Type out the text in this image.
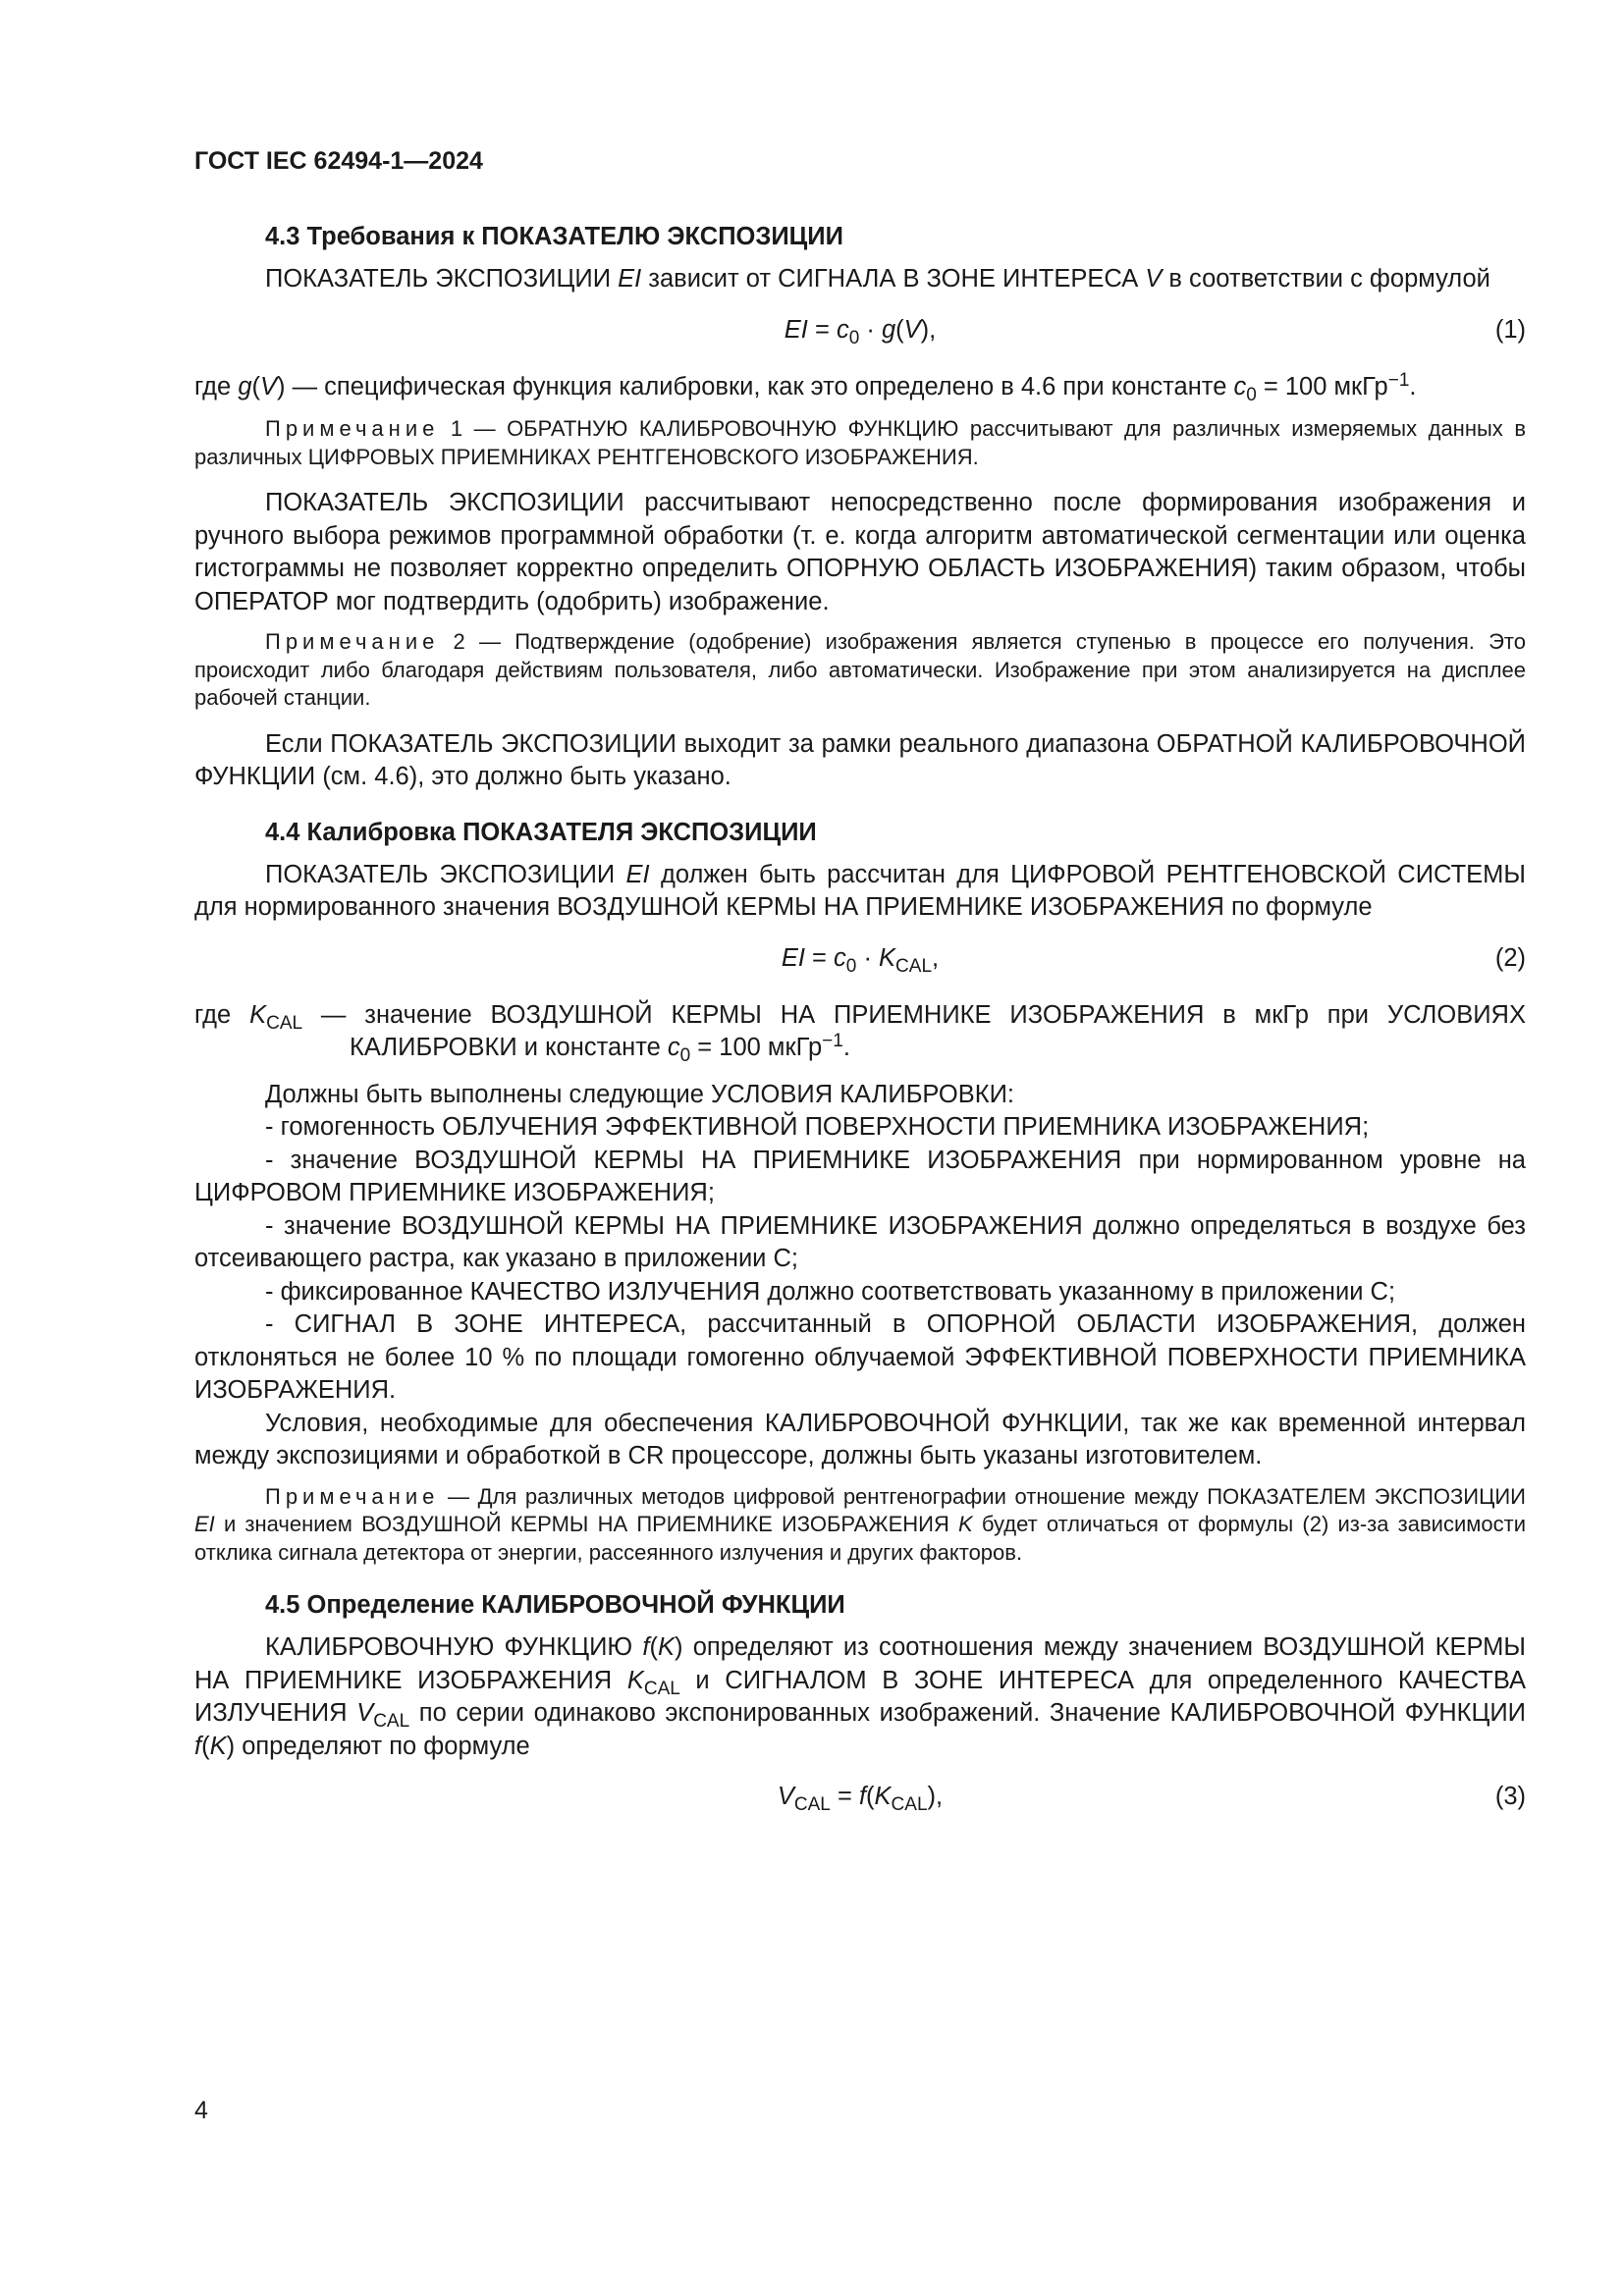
ГОСТ IEC 62494-1—2024

4.3 Требования к ПОКАЗАТЕЛЮ ЭКСПОЗИЦИИ

ПОКАЗАТЕЛЬ ЭКСПОЗИЦИИ EI зависит от СИГНАЛА В ЗОНЕ ИНТЕРЕСА V в соответствии с формулой

EI = $c_0 \cdot g(V)$,	(1)

где g(V) — специфическая функция калибровки, как это определено в 4.6 при константе $c_0 = 100$ мкГр$^{-1}$.

Примечание 1 — ОБРАТНУЮ КАЛИБРОВОЧНУЮ ФУНКЦИЮ рассчитывают для различных измеряемых данных в различных ЦИФРОВЫХ ПРИЕМНИКАХ РЕНТГЕНОВСКОГО ИЗОБРАЖЕНИЯ.

ПОКАЗАТЕЛЬ ЭКСПОЗИЦИИ рассчитывают непосредственно после формирования изображения и ручного выбора режимов программной обработки (т. е. когда алгоритм автоматической сегментации или оценка гистограммы не позволяет корректно определить ОПОРНУЮ ОБЛАСТЬ ИЗОБРАЖЕНИЯ) таким образом, чтобы ОПЕРАТОР мог подтвердить (одобрить) изображение.

Примечание 2 — Подтверждение (одобрение) изображения является ступенью в процессе его получения. Это происходит либо благодаря действиям пользователя, либо автоматически. Изображение при этом анализируется на дисплее рабочей станции.

Если ПОКАЗАТЕЛЬ ЭКСПОЗИЦИИ выходит за рамки реального диапазона ОБРАТНОЙ КАЛИБРОВОЧНОЙ ФУНКЦИИ (см. 4.6), это должно быть указано.

4.4 Калибровка ПОКАЗАТЕЛЯ ЭКСПОЗИЦИИ

ПОКАЗАТЕЛЬ ЭКСПОЗИЦИИ EI должен быть рассчитан для ЦИФРОВОЙ РЕНТГЕНОВСКОЙ СИСТЕМЫ для нормированного значения ВОЗДУШНОЙ КЕРМЫ НА ПРИЕМНИКЕ ИЗОБРАЖЕНИЯ по формуле

EI = $c_0 \cdot K_{CAL}$,	(2)

где $K_{CAL}$ — значение ВОЗДУШНОЙ КЕРМЫ НА ПРИЕМНИКЕ ИЗОБРАЖЕНИЯ в мкГр при УСЛОВИЯХ КАЛИБРОВКИ и константе $c_0 = 100$ мкГр$^{-1}$.

Должны быть выполнены следующие УСЛОВИЯ КАЛИБРОВКИ:

- гомогенность ОБЛУЧЕНИЯ ЭФФЕКТИВНОЙ ПОВЕРХНОСТИ ПРИЕМНИКА ИЗОБРАЖЕНИЯ;

- значение ВОЗДУШНОЙ КЕРМЫ НА ПРИЕМНИКЕ ИЗОБРАЖЕНИЯ при нормированном уровне на ЦИФРОВОМ ПРИЕМНИКЕ ИЗОБРАЖЕНИЯ;

- значение ВОЗДУШНОЙ КЕРМЫ НА ПРИЕМНИКЕ ИЗОБРАЖЕНИЯ должно определяться в воздухе без отсеивающего растра, как указано в приложении С;

- фиксированное КАЧЕСТВО ИЗЛУЧЕНИЯ должно соответствовать указанному в приложении С;

- СИГНАЛ В ЗОНЕ ИНТЕРЕСА, рассчитанный в ОПОРНОЙ ОБЛАСТИ ИЗОБРАЖЕНИЯ, должен отклоняться не более 10 % по площади гомогенно облучаемой ЭФФЕКТИВНОЙ ПОВЕРХНОСТИ ПРИЕМНИКА ИЗОБРАЖЕНИЯ.

Условия, необходимые для обеспечения КАЛИБРОВОЧНОЙ ФУНКЦИИ, так же как временной интервал между экспозициями и обработкой в CR процессоре, должны быть указаны изготовителем.

Примечание — Для различных методов цифровой рентгенографии отношение между ПОКАЗАТЕЛЕМ ЭКСПОЗИЦИИ EI и значением ВОЗДУШНОЙ КЕРМЫ НА ПРИЕМНИКЕ ИЗОБРАЖЕНИЯ K будет отличаться от формулы (2) из-за зависимости отклика сигнала детектора от энергии, рассеянного излучения и других факторов.

4.5 Определение КАЛИБРОВОЧНОЙ ФУНКЦИИ

КАЛИБРОВОЧНУЮ ФУНКЦИЮ f(K) определяют из соотношения между значением ВОЗДУШНОЙ КЕРМЫ НА ПРИЕМНИКЕ ИЗОБРАЖЕНИЯ $K_{CAL}$ и СИГНАЛОМ В ЗОНЕ ИНТЕРЕСА для определенного КАЧЕСТВА ИЗЛУЧЕНИЯ $V_{CAL}$ по серии одинаково экспонированных изображений. Значение КАЛИБРОВОЧНОЙ ФУНКЦИИ f(K) определяют по формуле

$V_{CAL} = f(K_{CAL})$,	(3)
4
